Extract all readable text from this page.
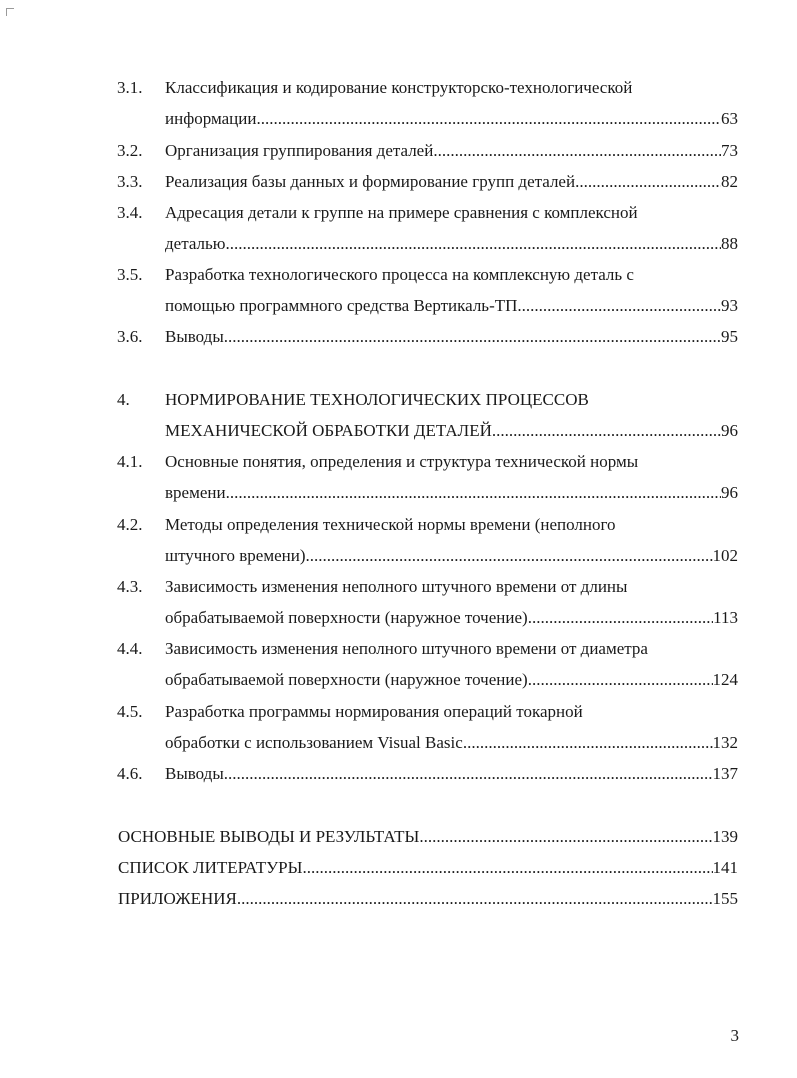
3.1. Классификация и кодирование конструкторско-технологической
информации .....	63
3.2. Организация группирования деталей .....	73
3.3. Реализация базы данных и формирование групп деталей .....	82
3.4. Адресация детали к группе на примере сравнения с комплексной
деталью .....	88
3.5. Разработка технологического процесса на комплексную деталь с
помощью программного средства Вертикаль-ТП .....	93
3.6. Выводы .....	95
4. НОРМИРОВАНИЕ ТЕХНОЛОГИЧЕСКИХ ПРОЦЕССОВ
МЕХАНИЧЕСКОЙ ОБРАБОТКИ ДЕТАЛЕЙ .....	96
4.1. Основные понятия, определения и структура технической нормы
времени .....	96
4.2. Методы определения технической нормы времени (неполного
штучного времени) .....	102
4.3. Зависимость изменения неполного штучного времени от длины
обрабатываемой поверхности (наружное точение) .....	113
4.4. Зависимость изменения неполного штучного времени от диаметра
обрабатываемой поверхности (наружное точение) .....	124
4.5. Разработка программы нормирования операций токарной
обработки с использованием Visual Basic .....	132
4.6. Выводы .....	137
ОСНОВНЫЕ ВЫВОДЫ И РЕЗУЛЬТАТЫ .....	139
СПИСОК ЛИТЕРАТУРЫ .....	141
ПРИЛОЖЕНИЯ .....	155
3
